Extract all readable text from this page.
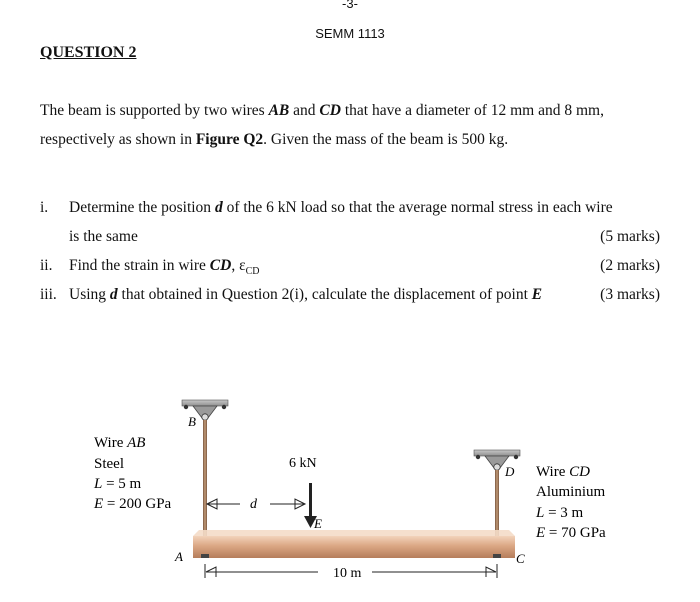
-3-
SEMM 1113
QUESTION 2
The beam is supported by two wires AB and CD that have a diameter of 12 mm and 8 mm,
respectively as shown in Figure Q2. Given the mass of the beam is 500 kg.
i. Determine the position d of the 6 kN load so that the average normal stress in each wire
is the same	(5 marks)
ii. Find the strain in wire CD, $\varepsilon_{CD}$	(2 marks)
iii. Using d that obtained in Question 2(i), calculate the displacement of point E	(3 marks)
B
D
A	C
E
6 kN
d
10 m
Wire AB
Steel
L = 5 m
E = 200 GPa
Wire CD
Aluminium
L = 3 m
E = 70 GPa
